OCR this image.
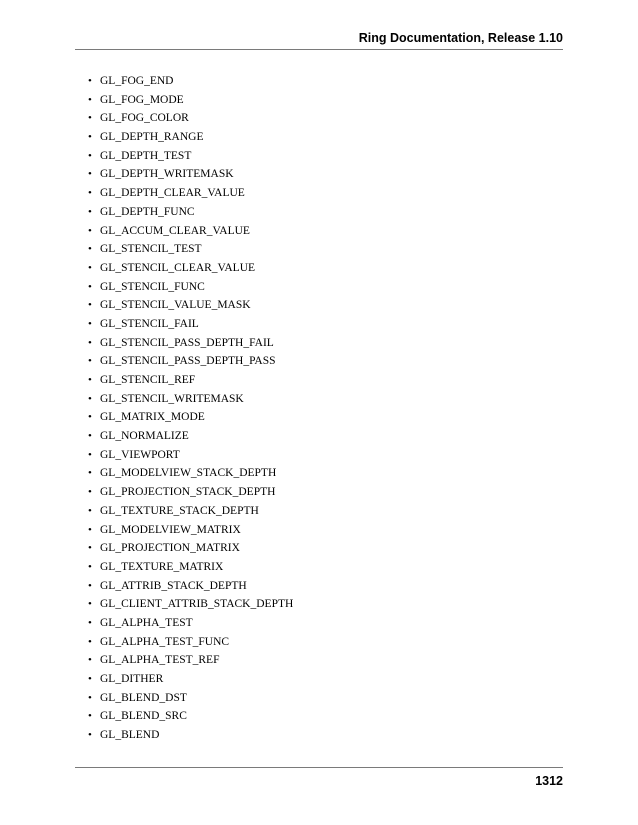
Ring Documentation, Release 1.10
• GL_FOG_END
• GL_FOG_MODE
• GL_FOG_COLOR
• GL_DEPTH_RANGE
• GL_DEPTH_TEST
• GL_DEPTH_WRITEMASK
• GL_DEPTH_CLEAR_VALUE
• GL_DEPTH_FUNC
• GL_ACCUM_CLEAR_VALUE
• GL_STENCIL_TEST
• GL_STENCIL_CLEAR_VALUE
• GL_STENCIL_FUNC
• GL_STENCIL_VALUE_MASK
• GL_STENCIL_FAIL
• GL_STENCIL_PASS_DEPTH_FAIL
• GL_STENCIL_PASS_DEPTH_PASS
• GL_STENCIL_REF
• GL_STENCIL_WRITEMASK
• GL_MATRIX_MODE
• GL_NORMALIZE
• GL_VIEWPORT
• GL_MODELVIEW_STACK_DEPTH
• GL_PROJECTION_STACK_DEPTH
• GL_TEXTURE_STACK_DEPTH
• GL_MODELVIEW_MATRIX
• GL_PROJECTION_MATRIX
• GL_TEXTURE_MATRIX
• GL_ATTRIB_STACK_DEPTH
• GL_CLIENT_ATTRIB_STACK_DEPTH
• GL_ALPHA_TEST
• GL_ALPHA_TEST_FUNC
• GL_ALPHA_TEST_REF
• GL_DITHER
• GL_BLEND_DST
• GL_BLEND_SRC
• GL_BLEND
1312
